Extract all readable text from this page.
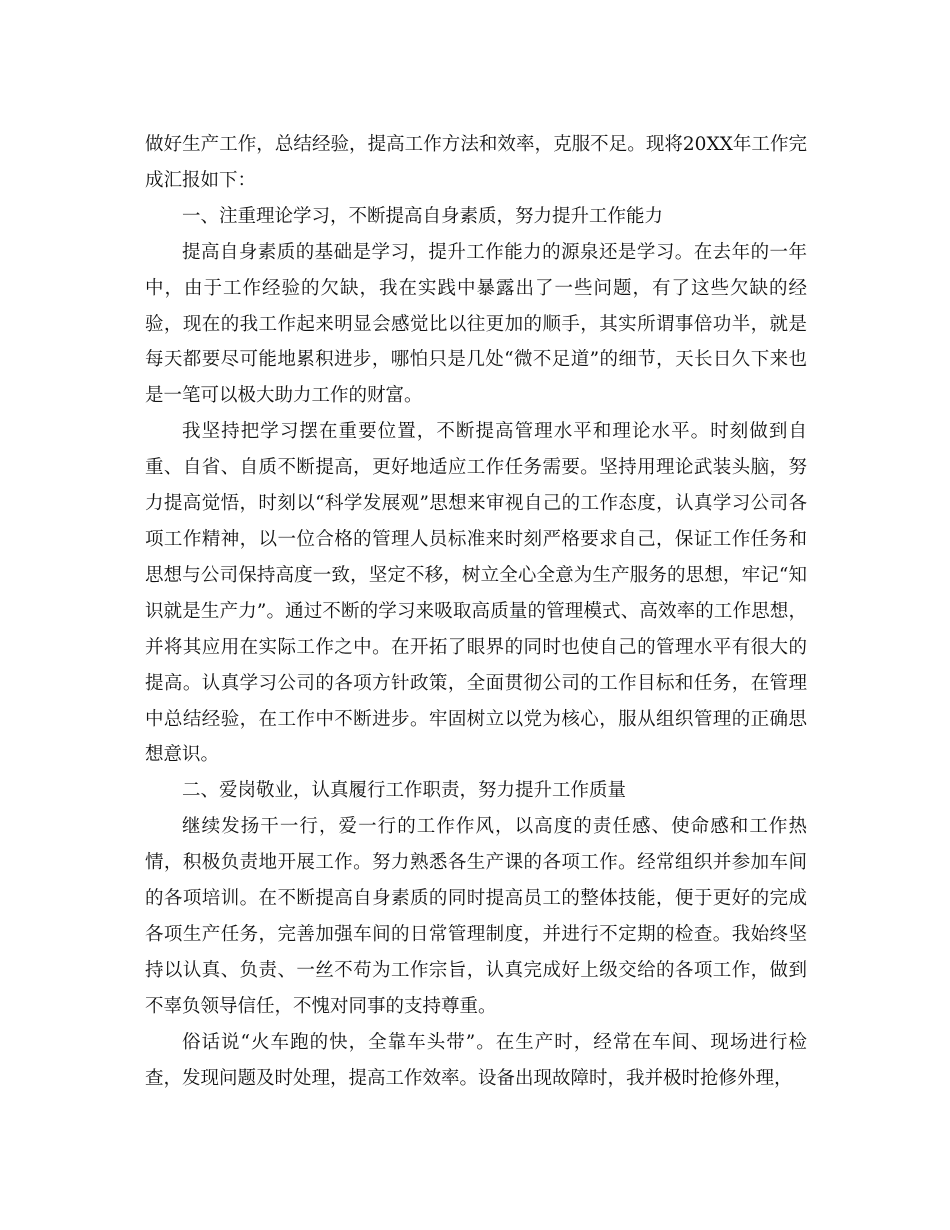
做好生产工作，总结经验，提高工作方法和效率，克服不足。现将20XX年工作完成汇报如下：

一、注重理论学习，不断提高自身素质，努力提升工作能力

提高自身素质的基础是学习，提升工作能力的源泉还是学习。在去年的一年中，由于工作经验的欠缺，我在实践中暴露出了一些问题，有了这些欠缺的经验，现在的我工作起来明显会感觉比以往更加的顺手，其实所谓事倍功半，就是每天都要尽可能地累积进步，哪怕只是几处“微不足道”的细节，天长日久下来也是一笔可以极大助力工作的财富。

我坚持把学习摆在重要位置，不断提高管理水平和理论水平。时刻做到自重、自省、自质不断提高，更好地适应工作任务需要。坚持用理论武装头脑，努力提高觉悟，时刻以“科学发展观”思想来审视自己的工作态度，认真学习公司各项工作精神，以一位合格的管理人员标准来时刻严格要求自己，保证工作任务和思想与公司保持高度一致，坚定不移，树立全心全意为生产服务的思想，牢记“知识就是生产力”。通过不断的学习来吸取高质量的管理模式、高效率的工作思想，并将其应用在实际工作之中。在开拓了眼界的同时也使自己的管理水平有很大的提高。认真学习公司的各项方针政策，全面贯彻公司的工作目标和任务，在管理中总结经验，在工作中不断进步。牢固树立以党为核心，服从组织管理的正确思想意识。

二、爱岗敬业，认真履行工作职责，努力提升工作质量

继续发扬干一行，爱一行的工作作风，以高度的责任感、使命感和工作热情，积极负责地开展工作。努力熟悉各生产课的各项工作。经常组织并参加车间的各项培训。在不断提高自身素质的同时提高员工的整体技能，便于更好的完成各项生产任务，完善加强车间的日常管理制度，并进行不定期的检查。我始终坚持以认真、负责、一丝不苟为工作宗旨，认真完成好上级交给的各项工作，做到不辜负领导信任，不愧对同事的支持尊重。

俗话说“火车跑的快，全靠车头带”。在生产时，经常在车间、现场进行检查，发现问题及时处理，提高工作效率。设备出现故障时，我并极时抢修外理，
